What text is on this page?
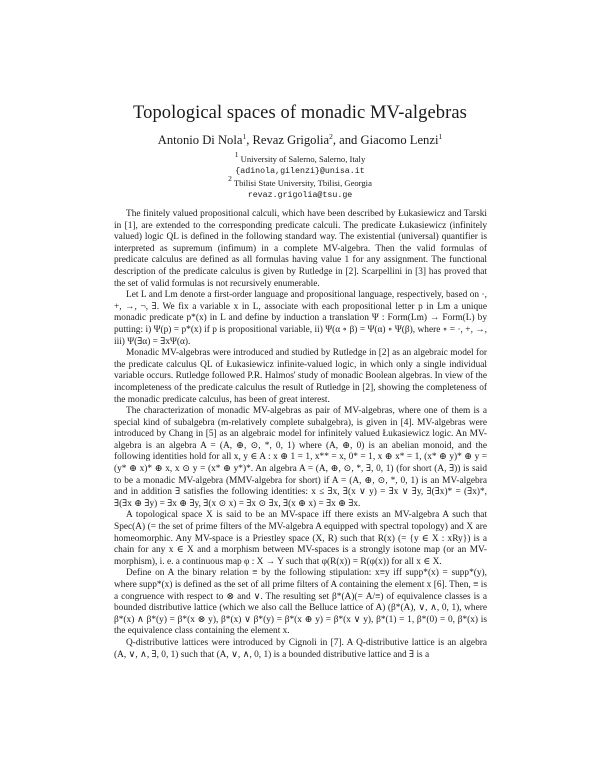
Topological spaces of monadic MV-algebras
Antonio Di Nola$^1$, Revaz Grigolia$^2$, and Giacomo Lenzi$^1$
$^1$ University of Salerno, Salerno, Italy
{adinola,gilenzi}@unisa.it
$^2$ Tbilisi State University, Tbilisi, Georgia
revaz.grigolia@tsu.ge

The finitely valued propositional calculi, which have been described by Łukasiewicz and Tarski in [1], are extended to the corresponding predicate calculi. The predicate Łukasiewicz (infinitely valued) logic QL is defined in the following standard way. The existential (universal) quantifier is interpreted as supremum (infimum) in a complete MV-algebra. Then the valid formulas of predicate calculus are defined as all formulas having value 1 for any assignment. The functional description of the predicate calculus is given by Rutledge in [2]. Scarpellini in [3] has proved that the set of valid formulas is not recursively enumerable.

Let L and Lm denote a first-order language and propositional language, respectively, based on ·, +, →, ¬, ∃. We fix a variable x in L, associate with each propositional letter p in Lm a unique monadic predicate p*(x) in L and define by induction a translation Ψ : Form(Lm) → Form(L) by putting: i) Ψ(p) = p*(x) if p is propositional variable, ii) Ψ(α ∘ β) = Ψ(α) ∘ Ψ(β), where ∘ = ·, +, →, iii) Ψ(∃α) = ∃xΨ(α).

Monadic MV-algebras were introduced and studied by Rutledge in [2] as an algebraic model for the predicate calculus QL of Łukasiewicz infinite-valued logic, in which only a single individual variable occurs. Rutledge followed P.R. Halmos' study of monadic Boolean algebras. In view of the incompleteness of the predicate calculus the result of Rutledge in [2], showing the completeness of the monadic predicate calculus, has been of great interest.

The characterization of monadic MV-algebras as pair of MV-algebras, where one of them is a special kind of subalgebra (m-relatively complete subalgebra), is given in [4]. MV-algebras were introduced by Chang in [5] as an algebraic model for infinitely valued Łukasiewicz logic. An MV-algebra is an algebra A = (A, ⊕, ⊙, *, 0, 1) where (A, ⊕, 0) is an abelian monoid, and the following identities hold for all x, y ∈ A : x ⊕ 1 = 1, x** = x, 0* = 1, x ⊕ x* = 1, (x* ⊕ y)* ⊕ y = (y* ⊕ x)* ⊕ x, x ⊙ y = (x* ⊕ y*)*. An algebra A = (A, ⊕, ⊙, *, ∃, 0, 1) (for short (A, ∃)) is said to be a monadic MV-algebra (MMV-algebra for short) if A = (A, ⊕, ⊙, *, 0, 1) is an MV-algebra and in addition ∃ satisfies the following identities: x ≤ ∃x, ∃(x ∨ y) = ∃x ∨ ∃y, ∃(∃x)* = (∃x)*, ∃(∃x ⊕ ∃y) = ∃x ⊕ ∃y, ∃(x ⊙ x) = ∃x ⊙ ∃x, ∃(x ⊕ x) = ∃x ⊕ ∃x.

A topological space X is said to be an MV-space iff there exists an MV-algebra A such that Spec(A) (= the set of prime filters of the MV-algebra A equipped with spectral topology) and X are homeomorphic. Any MV-space is a Priestley space (X, R) such that R(x) (= {y ∈ X : xRy}) is a chain for any x ∈ X and a morphism between MV-spaces is a strongly isotone map (or an MV-morphism), i. e. a continuous map φ : X → Y such that φ(R(x)) = R(φ(x)) for all x ∈ X.

Define on A the binary relation ≡ by the following stipulation: x≡y iff supp*(x) = supp*(y), where supp*(x) is defined as the set of all prime filters of A containing the element x [6]. Then, ≡ is a congruence with respect to ⊗ and ∨. The resulting set β*(A)(= A/≡) of equivalence classes is a bounded distributive lattice (which we also call the Belluce lattice of A) (β*(A), ∨, ∧, 0, 1), where β*(x) ∧ β*(y) = β*(x ⊗ y), β*(x) ∨ β*(y) = β*(x ⊕ y) = β*(x ∨ y), β*(1) = 1, β*(0) = 0, β*(x) is the equivalence class containing the element x.

Q-distributive lattices were introduced by Cignoli in [7]. A Q-distributive lattice is an algebra (A, ∨, ∧, ∃, 0, 1) such that (A, ∨, ∧, 0, 1) is a bounded distributive lattice and ∃ is a
